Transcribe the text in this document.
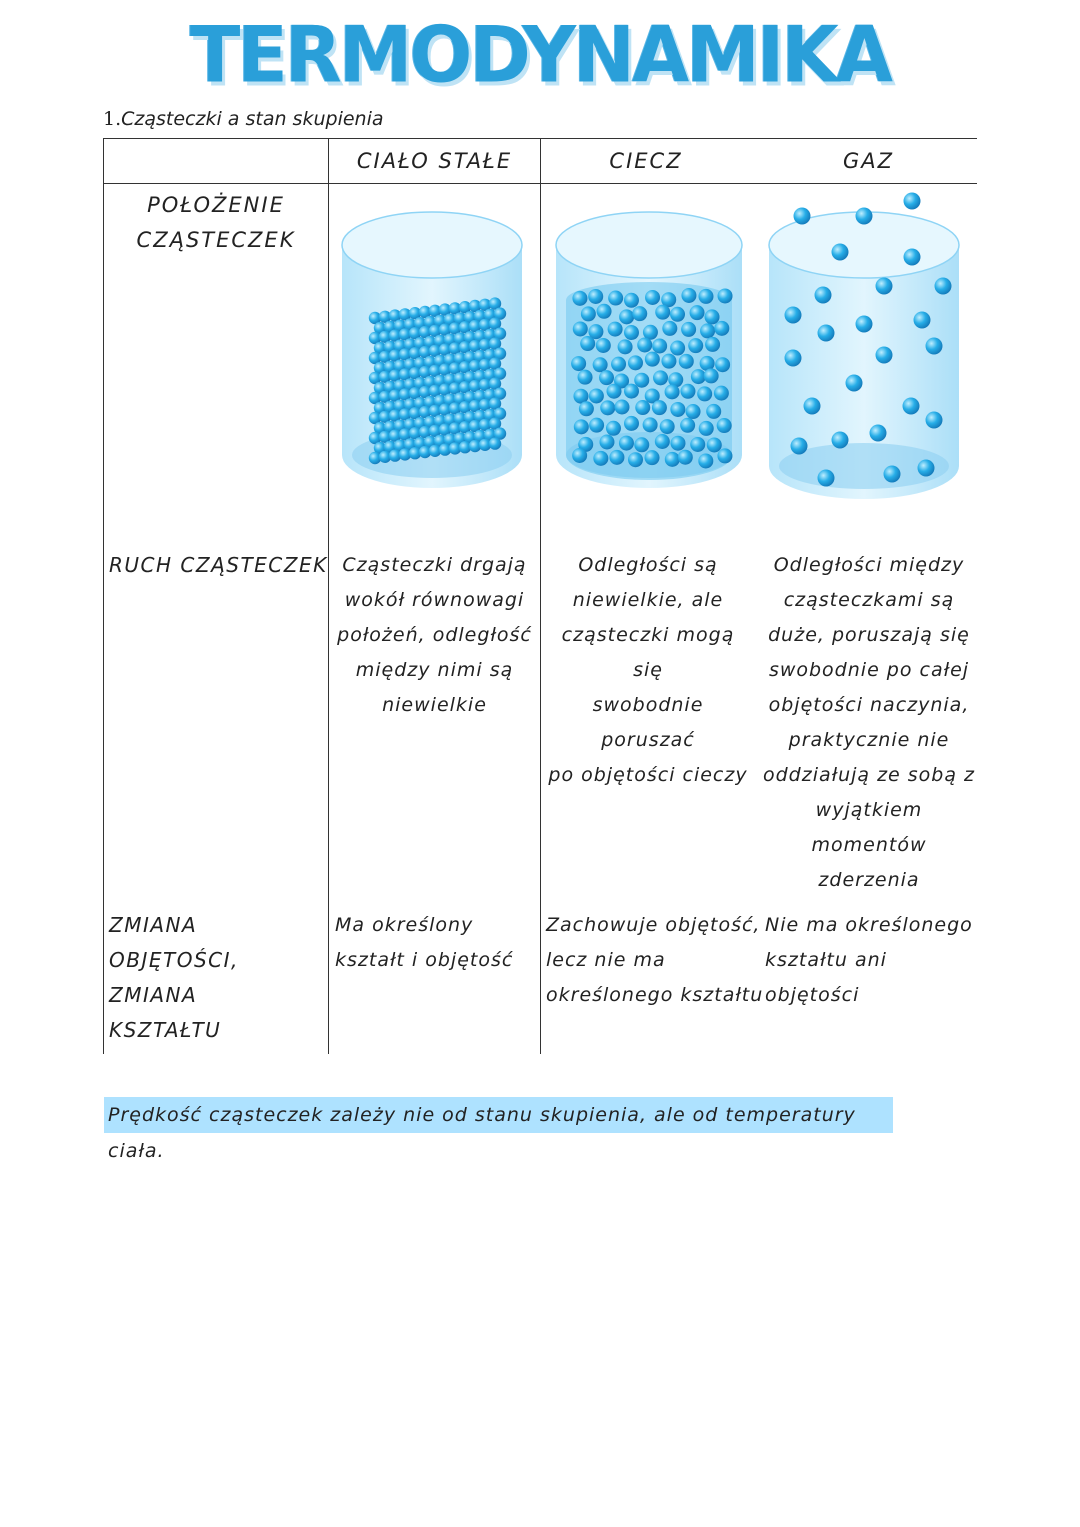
TERMODYNAMIKA
1.Cząsteczki a stan skupienia
CIAŁO STAŁE	CIECZ	GAZ
POŁOŻENIE
CZĄSTECZEK
RUCH CZĄSTECZEK Cząsteczki drgają
wokół równowagi
położeń, odległość
między nimi są
niewielkie
Odległości są
niewielkie, ale
cząsteczki mogą się
swobodnie poruszać
po objętości cieczy
Odległości między
cząsteczkami są
duże, poruszają się
swobodnie po całej
objętości naczynia,
praktycznie nie
oddziałują ze sobą z
wyjątkiem
momentów
zderzenia
ZMIANA
OBJĘTOŚCI,
ZMIANA
KSZTAŁTU
Ma określony
kształt i objętość
Zachowuje objętość,
lecz nie ma
określonego kształtu
Nie ma określonego
kształtu ani
objętości
Prędkość cząsteczek zależy nie od stanu skupienia, ale od temperatury ciała.
